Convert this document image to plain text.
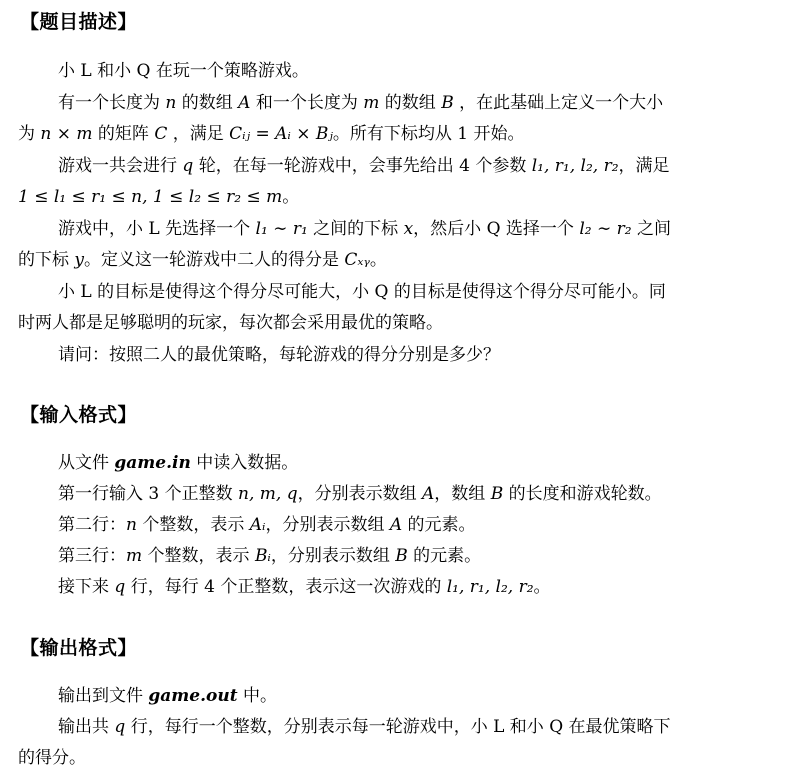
【题目描述】
小 L 和小 Q 在玩一个策略游戏。
有一个长度为 n 的数组 A 和一个长度为 m 的数组 B ，在此基础上定义一个大小
为 n × m 的矩阵 C ，满足 Cᵢⱼ = Aᵢ × Bⱼ。所有下标均从 1 开始。
游戏一共会进行 q 轮，在每一轮游戏中，会事先给出 4 个参数 l₁, r₁, l₂, r₂，满足
1 ≤ l₁ ≤ r₁ ≤ n, 1 ≤ l₂ ≤ r₂ ≤ m。
游戏中，小 L 先选择一个 l₁ ∼ r₁ 之间的下标 x，然后小 Q 选择一个 l₂ ∼ r₂ 之间
的下标 y。定义这一轮游戏中二人的得分是 Cₓᵧ。
小 L 的目标是使得这个得分尽可能大，小 Q 的目标是使得这个得分尽可能小。同
时两人都是足够聪明的玩家，每次都会采用最优的策略。
请问：按照二人的最优策略，每轮游戏的得分分别是多少？
【输入格式】
从文件 game.in 中读入数据。
第一行输入 3 个正整数 n, m, q，分别表示数组 A，数组 B 的长度和游戏轮数。
第二行：n 个整数，表示 Aᵢ，分别表示数组 A 的元素。
第三行：m 个整数，表示 Bᵢ，分别表示数组 B 的元素。
接下来 q 行，每行 4 个正整数，表示这一次游戏的 l₁, r₁, l₂, r₂。
【输出格式】
输出到文件 game.out 中。
输出共 q 行，每行一个整数，分别表示每一轮游戏中，小 L 和小 Q 在最优策略下
的得分。
